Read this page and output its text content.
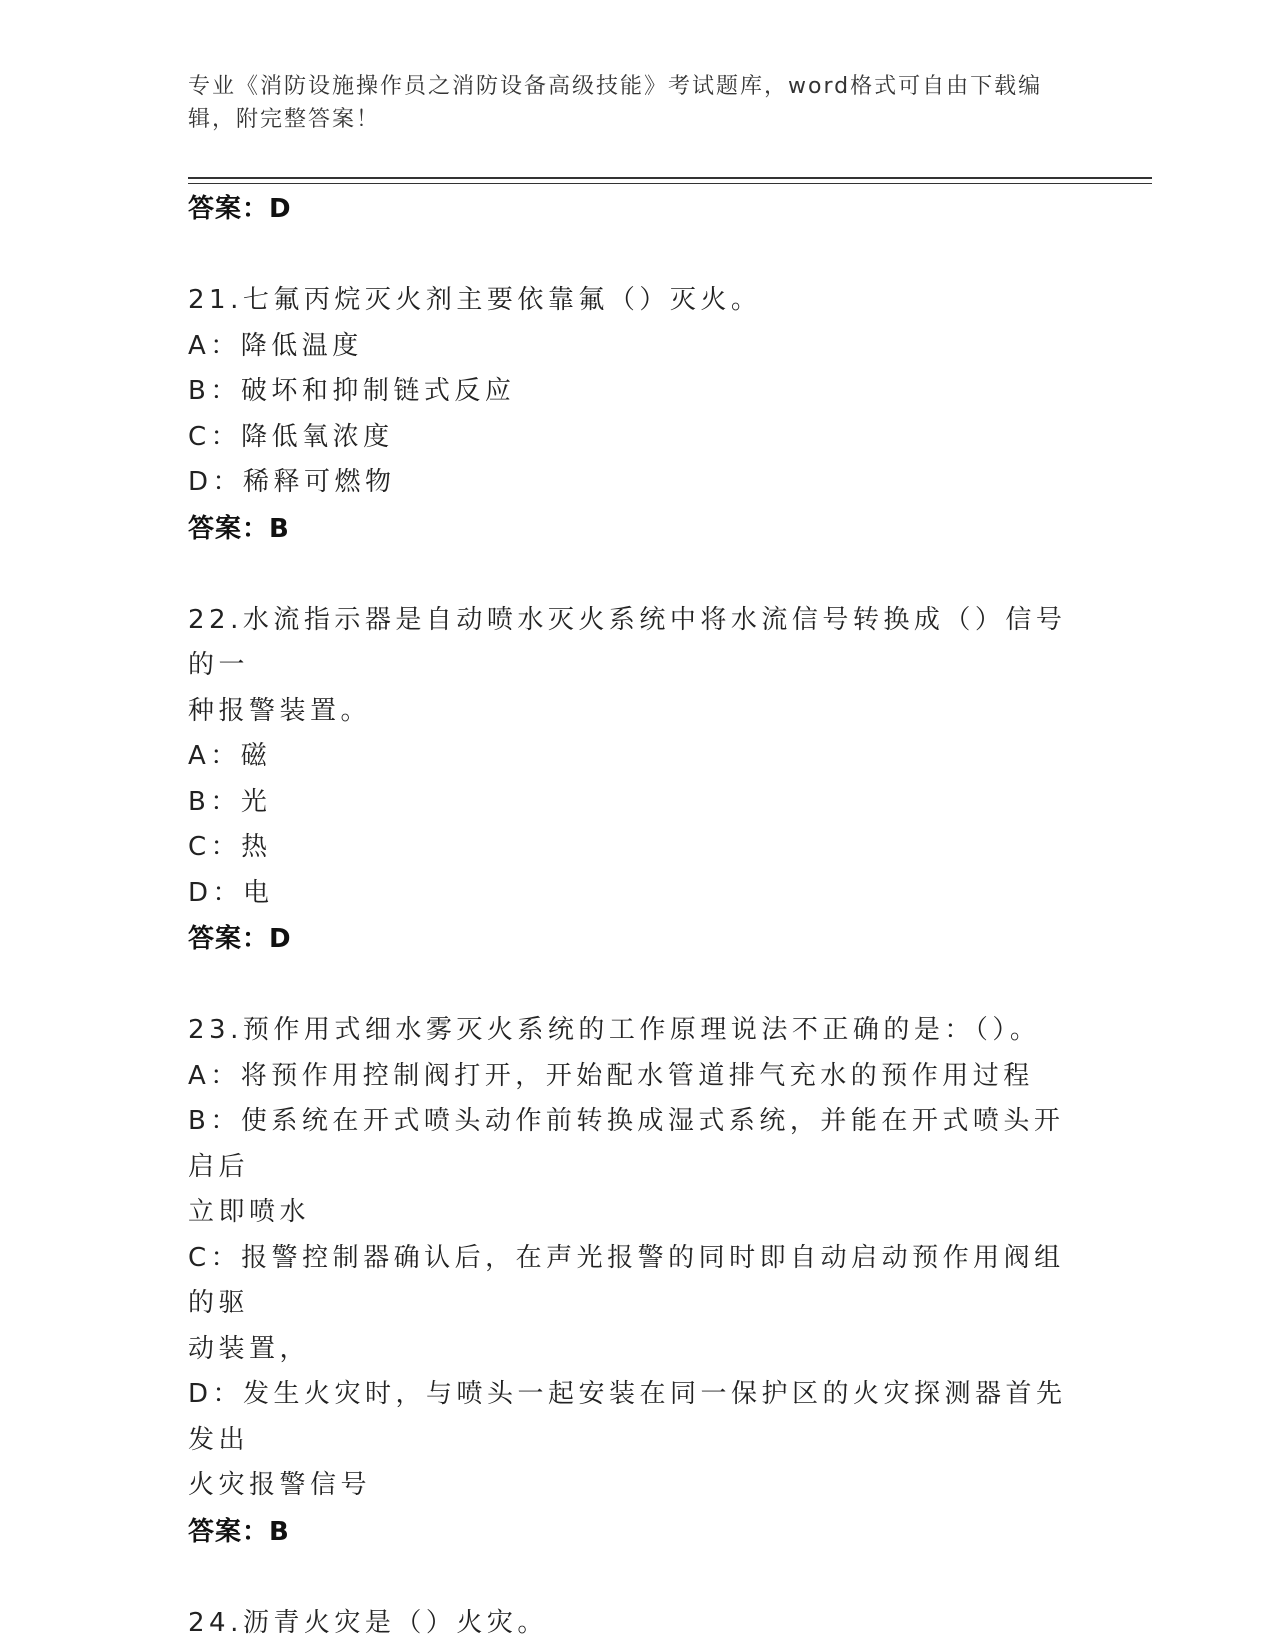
专业《消防设施操作员之消防设备高级技能》考试题库，word格式可自由下载编辑，附完整答案！
答案：D

21.七氟丙烷灭火剂主要依靠氟（）灭火。

A：降低温度

B：破坏和抑制链式反应

C：降低氧浓度

D：稀释可燃物

答案：B

22.水流指示器是自动喷水灭火系统中将水流信号转换成（）信号的一

种报警装置。

A：磁

B：光

C：热

D：电

答案：D

23.预作用式细水雾灭火系统的工作原理说法不正确的是：（）。

A：将预作用控制阀打开，开始配水管道排气充水的预作用过程

B：使系统在开式喷头动作前转换成湿式系统，并能在开式喷头开启后

立即喷水

C：报警控制器确认后，在声光报警的同时即自动启动预作用阀组的驱

动装置，

D：发生火灾时，与喷头一起安装在同一保护区的火灾探测器首先发出

火灾报警信号

答案：B

24.沥青火灾是（）火灾。
